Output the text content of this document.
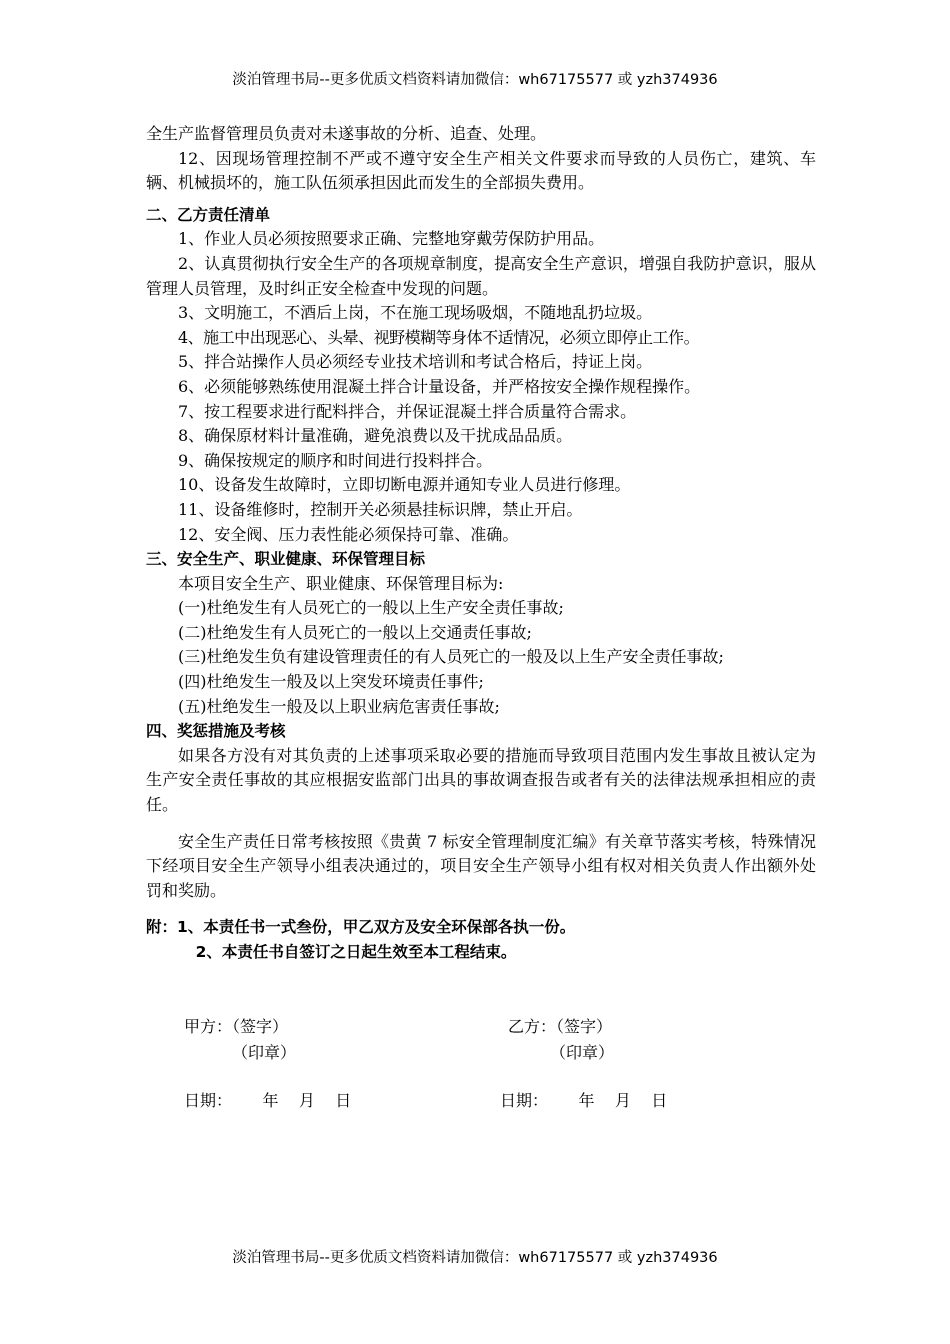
淡泊管理书局--更多优质文档资料请加微信：wh67175577 或 yzh374936

全生产监督管理员负责对未遂事故的分析、追查、处理。

12、因现场管理控制不严或不遵守安全生产相关文件要求而导致的人员伤亡，建筑、车辆、机械损坏的，施工队伍须承担因此而发生的全部损失费用。

二、乙方责任清单

1、作业人员必须按照要求正确、完整地穿戴劳保防护用品。

2、认真贯彻执行安全生产的各项规章制度，提高安全生产意识，增强自我防护意识，服从管理人员管理，及时纠正安全检查中发现的问题。

3、文明施工，不酒后上岗，不在施工现场吸烟，不随地乱扔垃圾。

4、施工中出现恶心、头晕、视野模糊等身体不适情况，必须立即停止工作。

5、拌合站操作人员必须经专业技术培训和考试合格后，持证上岗。

6、必须能够熟练使用混凝土拌合计量设备，并严格按安全操作规程操作。

7、按工程要求进行配料拌合，并保证混凝土拌合质量符合需求。

8、确保原材料计量准确，避免浪费以及干扰成品品质。

9、确保按规定的顺序和时间进行投料拌合。

10、设备发生故障时，立即切断电源并通知专业人员进行修理。

11、设备维修时，控制开关必须悬挂标识牌，禁止开启。

12、安全阀、压力表性能必须保持可靠、准确。

三、安全生产、职业健康、环保管理目标

本项目安全生产、职业健康、环保管理目标为:

(一)杜绝发生有人员死亡的一般以上生产安全责任事故;

(二)杜绝发生有人员死亡的一般以上交通责任事故;

(三)杜绝发生负有建设管理责任的有人员死亡的一般及以上生产安全责任事故;

(四)杜绝发生一般及以上突发环境责任事件;

(五)杜绝发生一般及以上职业病危害责任事故;

四、奖惩措施及考核

如果各方没有对其负责的上述事项采取必要的措施而导致项目范围内发生事故且被认定为生产安全责任事故的其应根据安监部门出具的事故调查报告或者有关的法律法规承担相应的责任。

安全生产责任日常考核按照《贵黄 7 标安全管理制度汇编》有关章节落实考核，特殊情况下经项目安全生产领导小组表决通过的，项目安全生产领导小组有权对相关负责人作出额外处罚和奖励。

附：1、本责任书一式叁份，甲乙双方及安全环保部各执一份。

2、本责任书自签订之日起生效至本工程结束。

甲方：（签字）
（印章）
乙方：（签字）
（印章）
日期：      年    月    日	日期：      年    月    日
淡泊管理书局--更多优质文档资料请加微信：wh67175577 或 yzh374936
